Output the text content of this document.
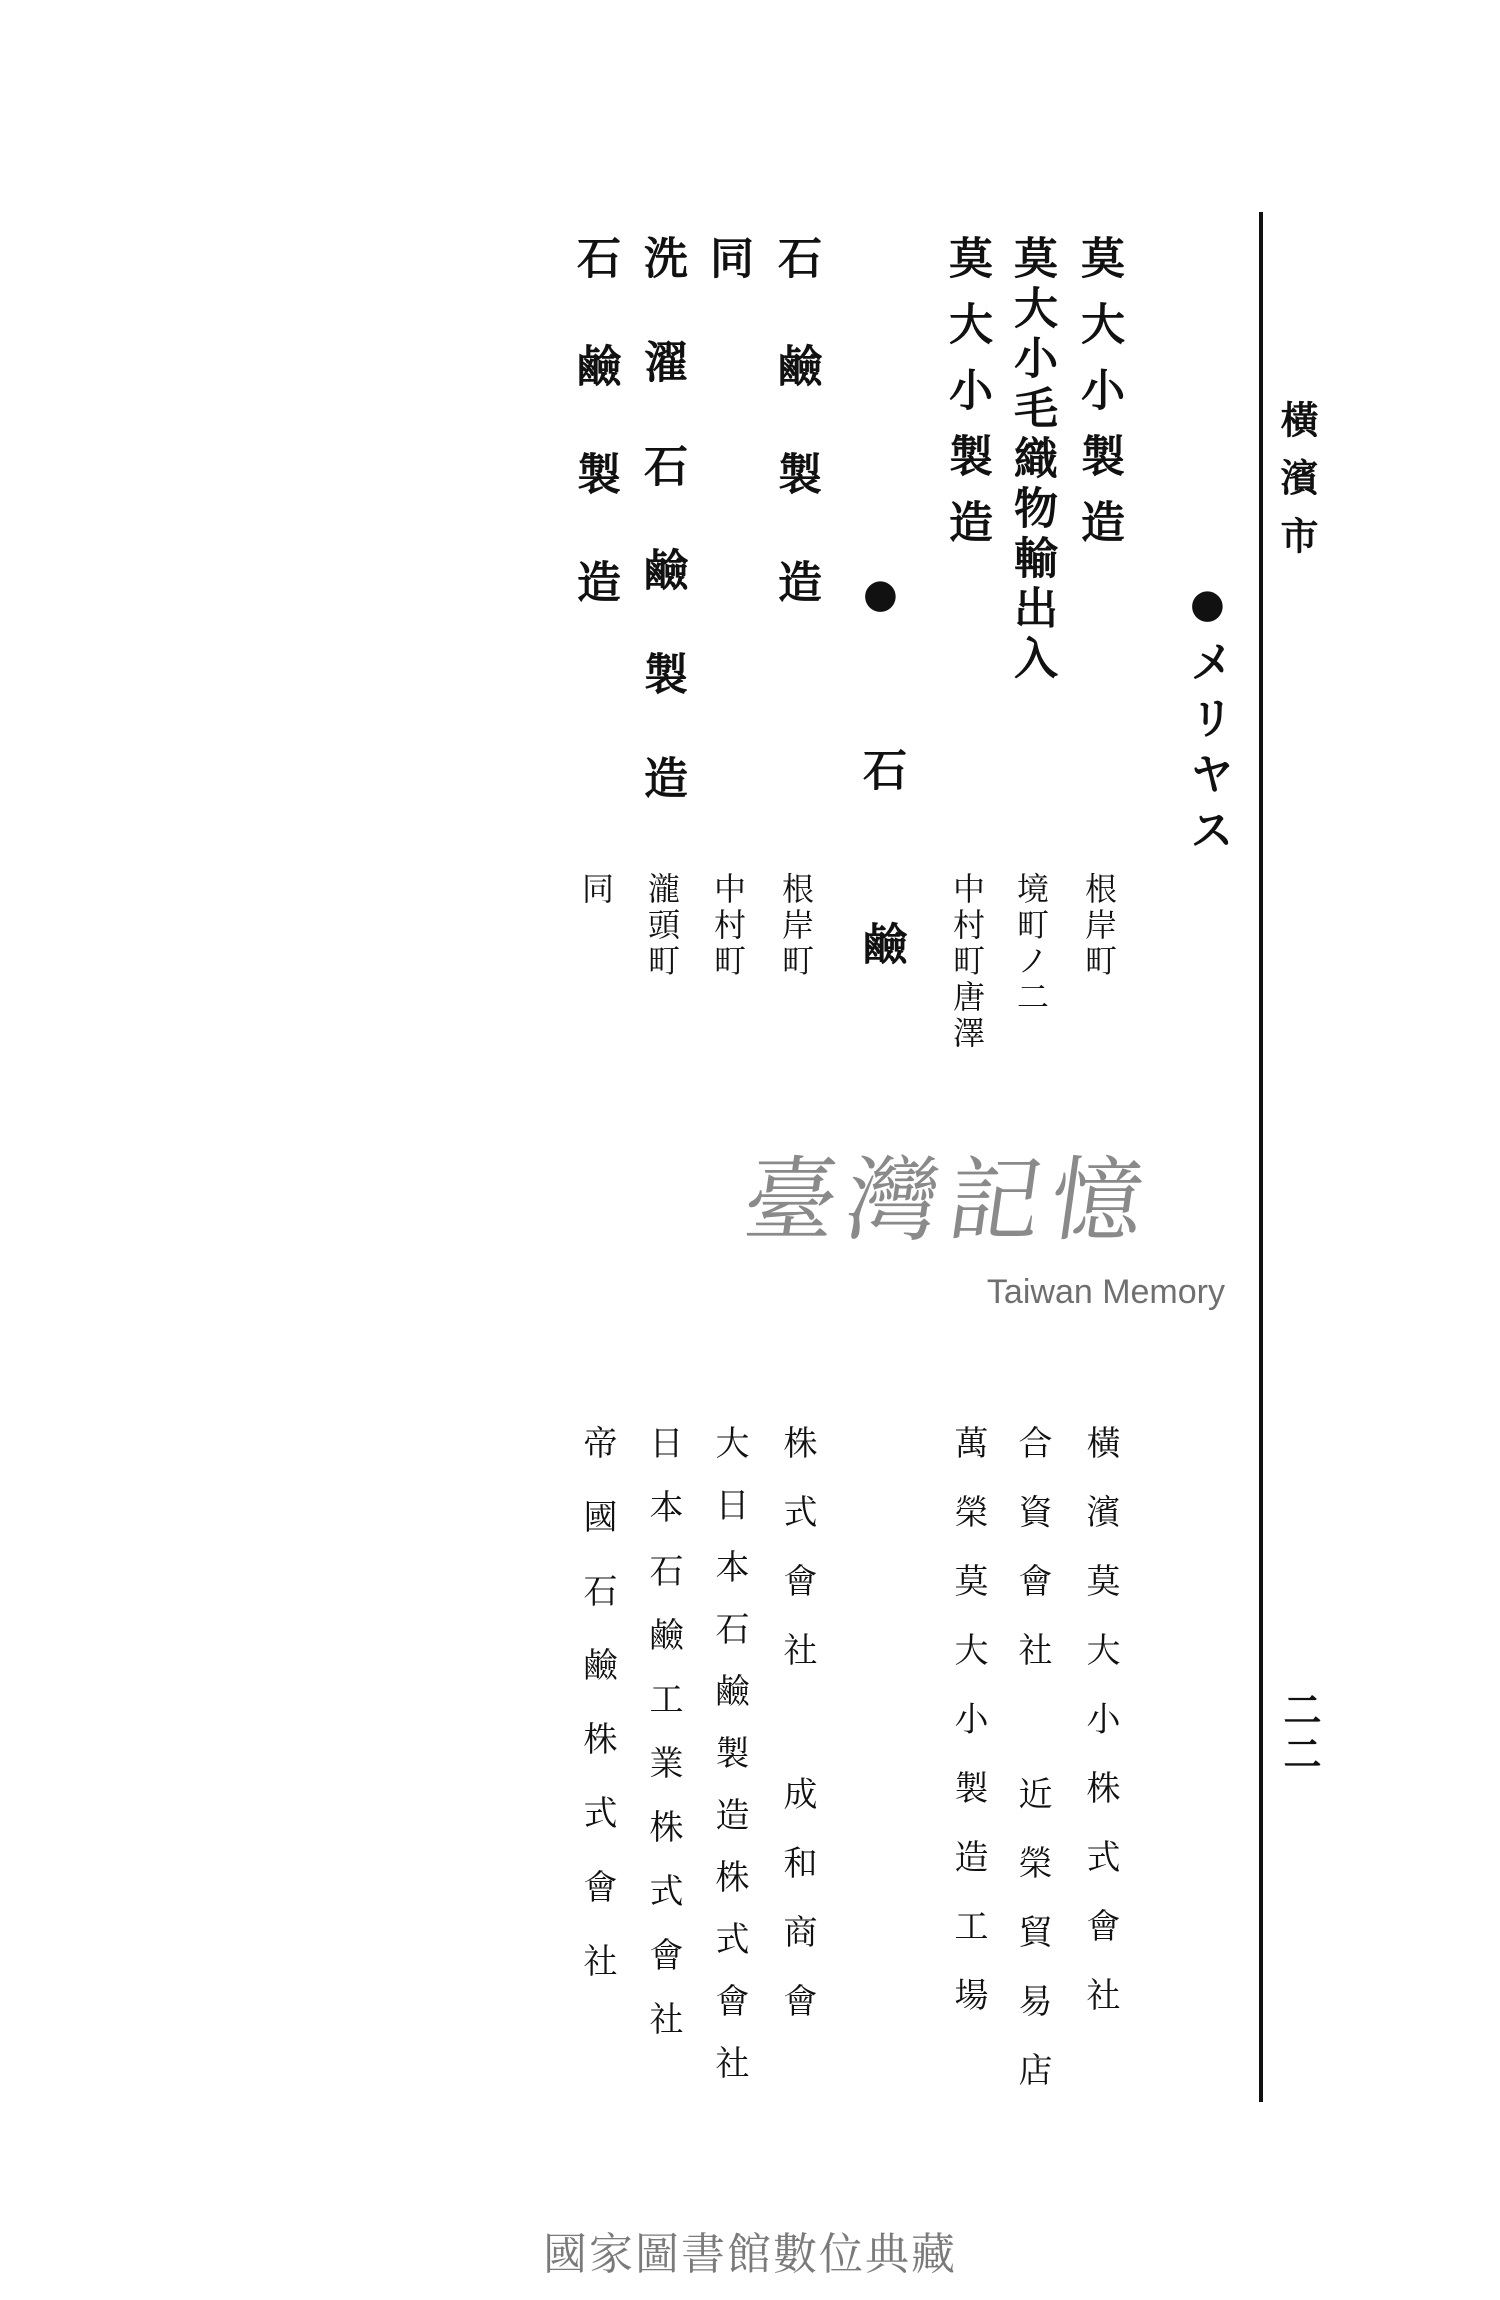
橫濱市
二二
●メリヤス
莫大小製造
根岸町
莫大小毛織物輸出入
境町ノ二
莫大小製造
中村町唐澤
●石鹼
石鹼製造
根岸町
同
中村町
洗濯石鹼製造
瀧頭町
石鹼製造
同
橫濱莫大小株式會社
合資會社 近榮貿易店
萬榮莫大小製造工場
株式會社 成和商會
大日本石鹼製造株式會社
日本石鹼工業株式會社
帝國石鹼株式會社
臺灣記憶
Taiwan Memory
國家圖書館數位典藏
